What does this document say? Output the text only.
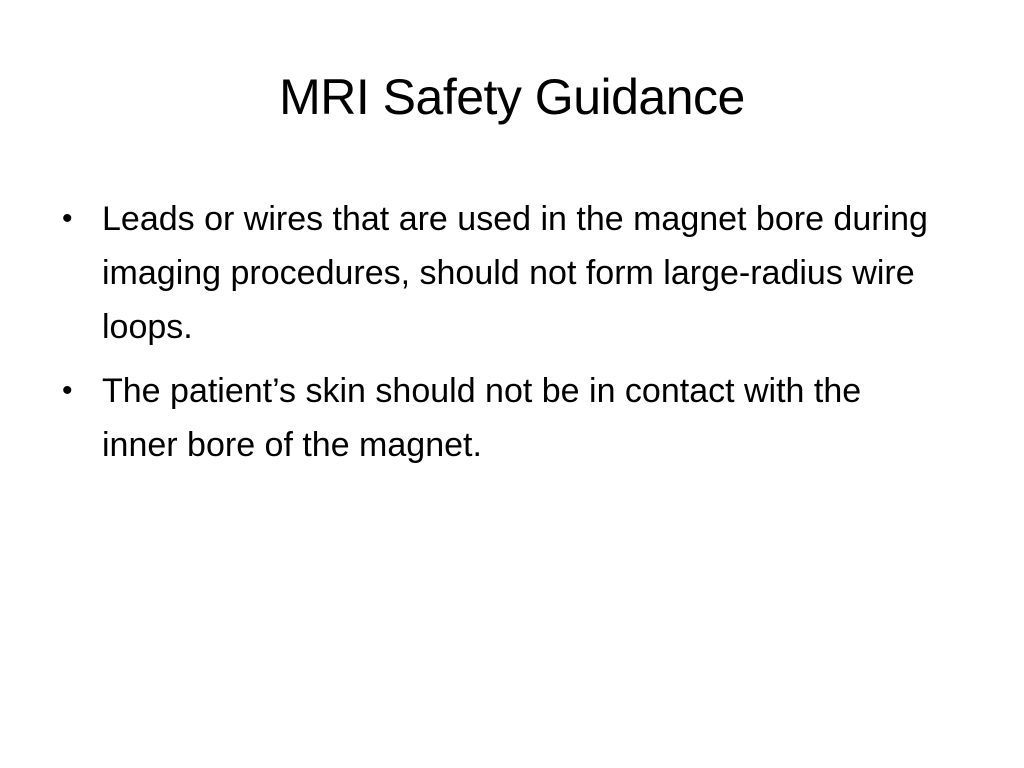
MRI Safety Guidance
• Leads or wires that are used in the magnet bore during imaging procedures, should not form large-radius wire loops.
• The patient’s skin should not be in contact with the inner bore of the magnet.
